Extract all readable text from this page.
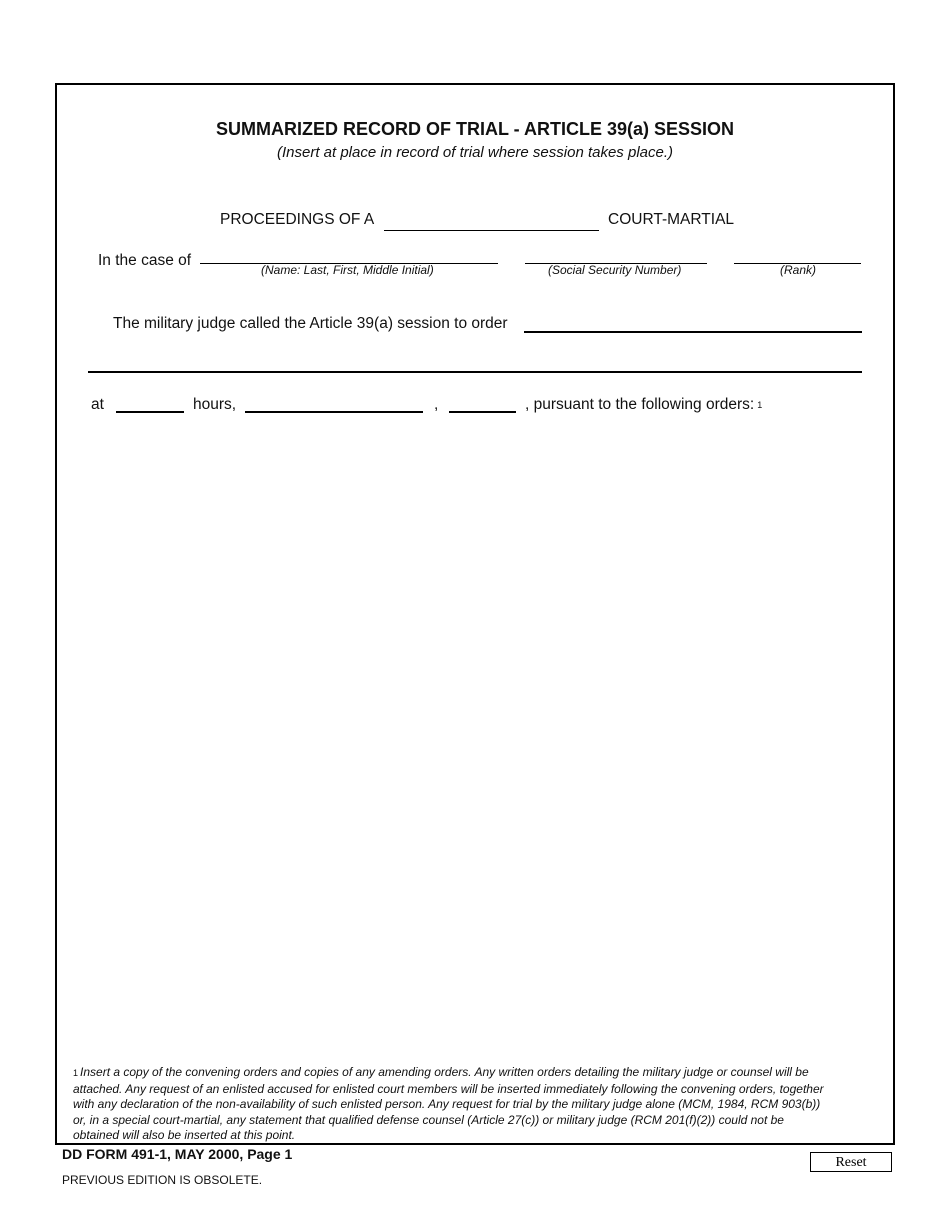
SUMMARIZED RECORD OF TRIAL - ARTICLE 39(a) SESSION
(Insert at place in record of trial where session takes place.)
PROCEEDINGS OF A	COURT-MARTIAL
In the case of
(Name: Last, First, Middle Initial)	(Social Security Number)	(Rank)
The military judge called the Article 39(a) session to order
at	hours,	,	, pursuant to the following orders: 1
1 Insert a copy of the convening orders and copies of any amending orders. Any written orders detailing the military judge or counsel will be attached. Any request of an enlisted accused for enlisted court members will be inserted immediately following the convening orders, together with any declaration of the non-availability of such enlisted person. Any request for trial by the military judge alone (MCM, 1984, RCM 903(b)) or, in a special court-martial, any statement that qualified defense counsel (Article 27(c)) or military judge (RCM 201(f)(2)) could not be obtained will also be inserted at this point.
DD FORM 491-1, MAY 2000, Page 1
PREVIOUS EDITION IS OBSOLETE.
Reset
